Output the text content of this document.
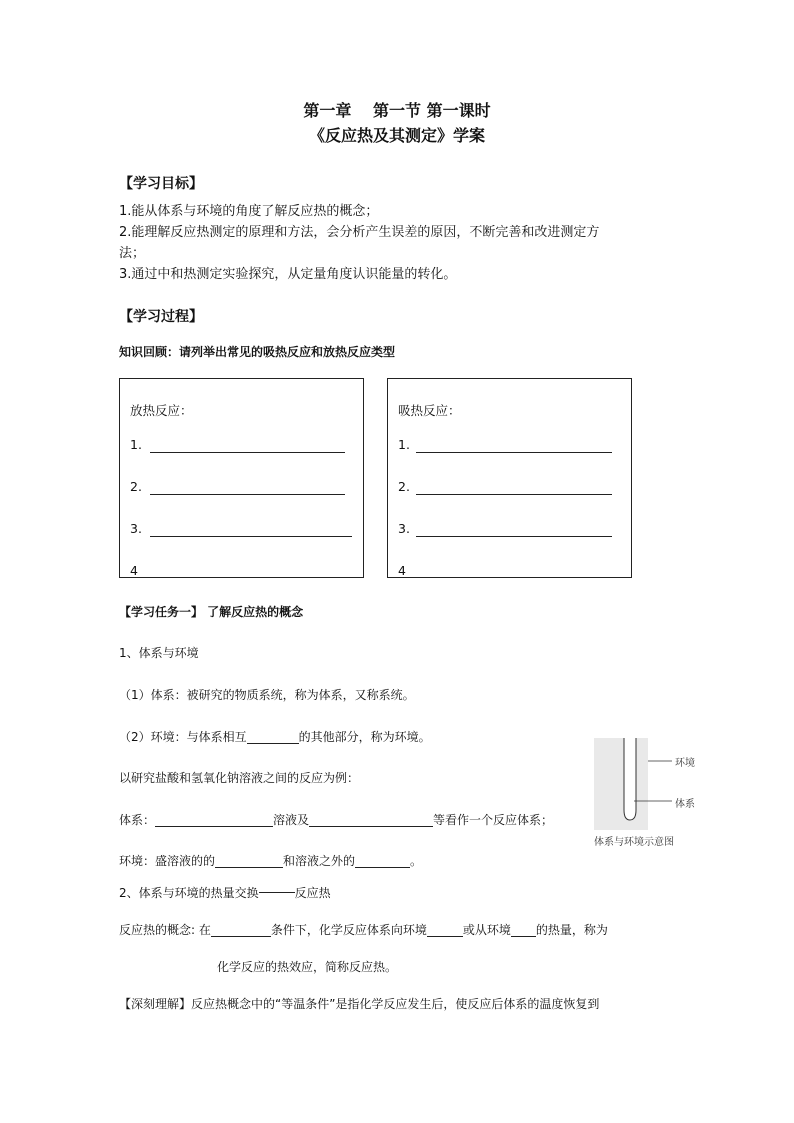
第一章　 第一节 第一课时
《反应热及其测定》学案
【学习目标】
1.能从体系与环境的角度了解反应热的概念；
2.能理解反应热测定的原理和方法，会分析产生误差的原因，不断完善和改进测定方
法；
3.通过中和热测定实验探究，从定量角度认识能量的转化。
【学习过程】
知识回顾：请列举出常见的吸热反应和放热反应类型
放热反应：
1.
2.
3.
4
吸热反应：
1.
2.
3.
4
【学习任务一】 了解反应热的概念
1、体系与环境
（1）体系：被研究的物质系统，称为体系，又称系统。
（2）环境：与体系相互	的其他部分，称为环境。
以研究盐酸和氢氧化钠溶液之间的反应为例：
体系：	溶液及	等看作一个反应体系；
环境：盛溶液的的	和溶液之外的	。
2、体系与环境的热量交换	反应热
反应热的概念: 在	条件下，化学反应体系向环境	或从环境 的热量，称为
化学反应的热效应，简称反应热。
【深刻理解】反应热概念中的“等温条件”是指化学反应发生后，使反应后体系的温度恢复到
环境
体系
体系与环境示意图
